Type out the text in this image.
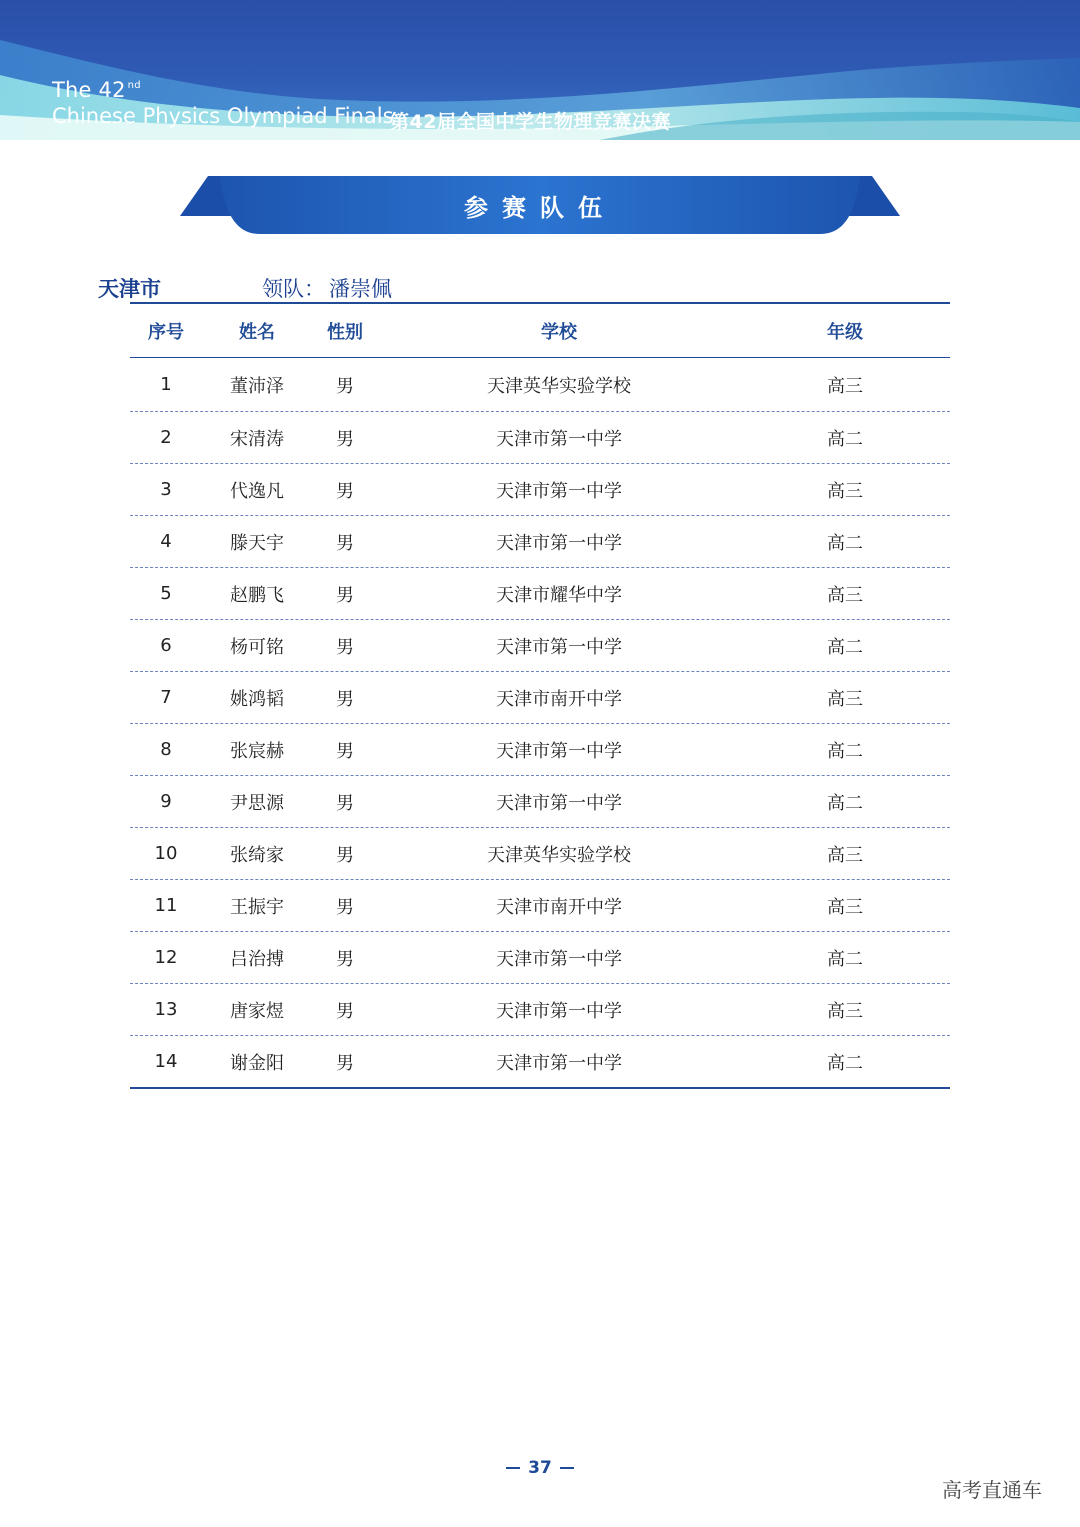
The 42 $^{nd}$
Chinese Physics Olympiad Finals
第42届全国中学生物理竞赛决赛
参赛队伍
天津市	领队： 潘崇佩
序号	姓名	性别	学校	年级
1	董沛泽	男	天津英华实验学校	高三
2	宋清涛	男	天津市第一中学	高二
3	代逸凡	男	天津市第一中学	高三
4	滕天宇	男	天津市第一中学	高二
5	赵鹏飞	男	天津市耀华中学	高三
6	杨可铭	男	天津市第一中学	高二
7	姚鸿韬	男	天津市南开中学	高三
8	张宸赫	男	天津市第一中学	高二
9	尹思源	男	天津市第一中学	高二
10	张绮家	男	天津英华实验学校	高三
11	王振宇	男	天津市南开中学	高三
12	吕治搏	男	天津市第一中学	高二
13	唐家煜	男	天津市第一中学	高三
14	谢金阳	男	天津市第一中学	高二
37
高考直通车
